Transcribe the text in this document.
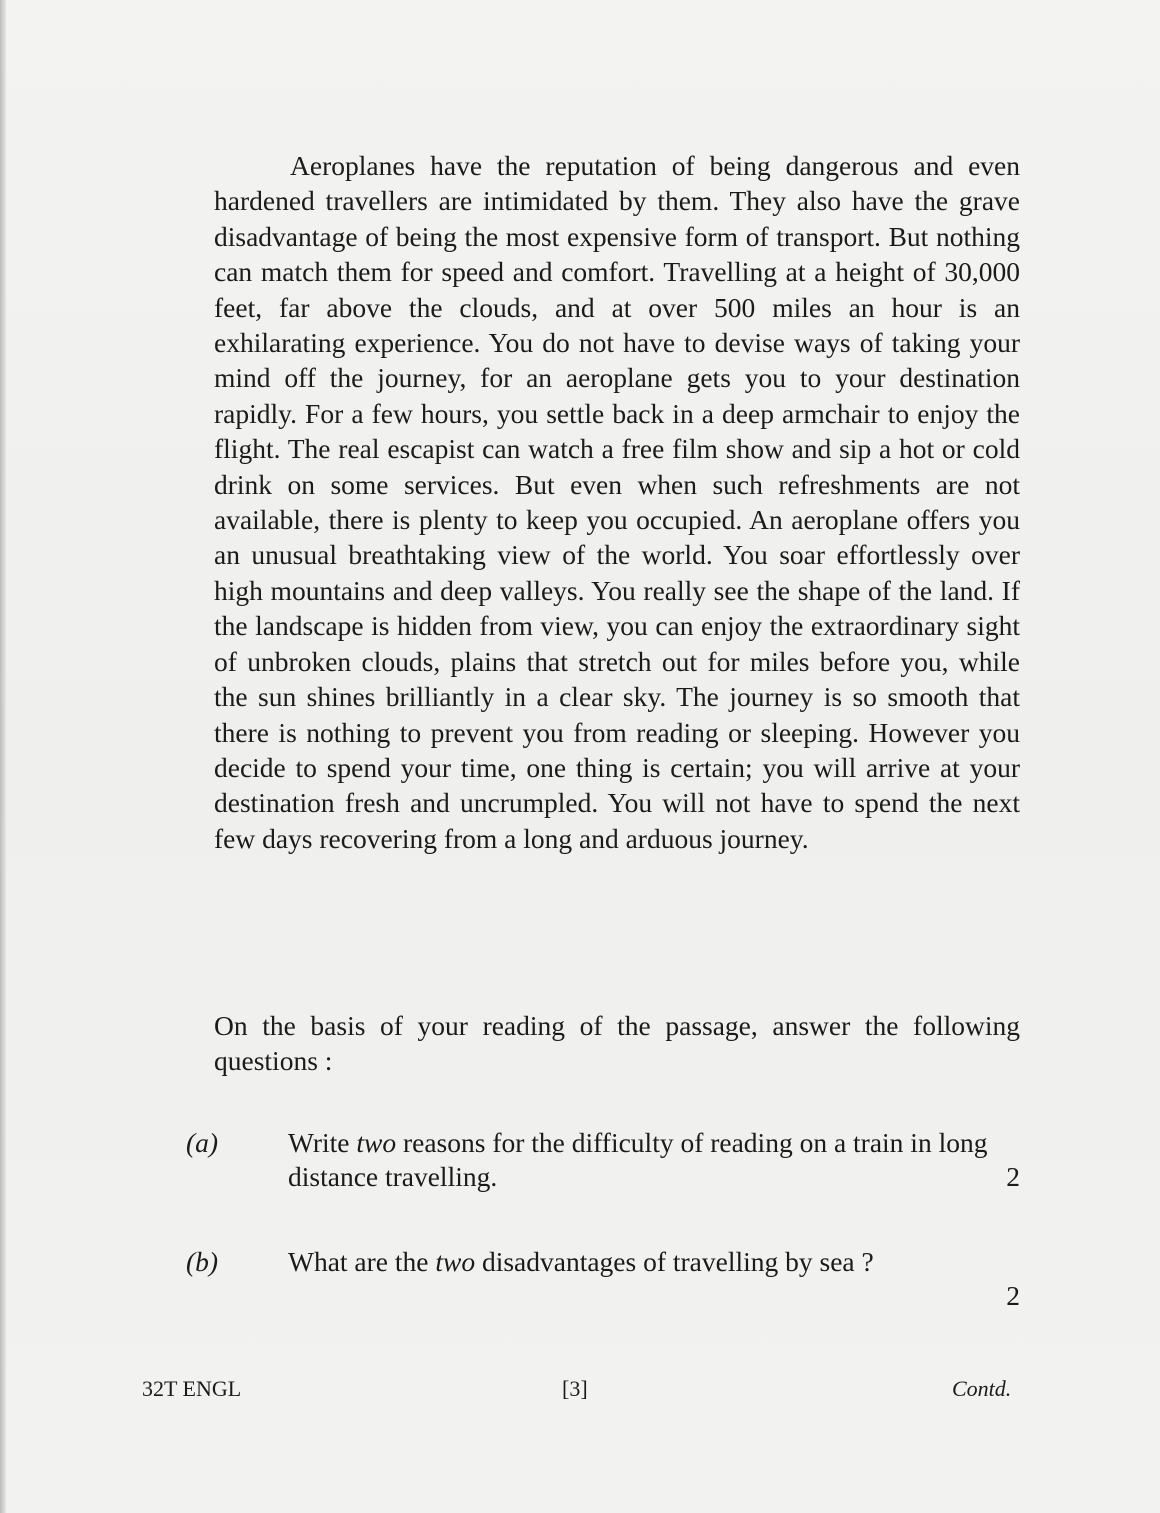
Aeroplanes have the reputation of being dangerous and even hardened travellers are intimidated by them. They also have the grave disadvantage of being the most expensive form of transport. But nothing can match them for speed and comfort. Travelling at a height of 30,000 feet, far above the clouds, and at over 500 miles an hour is an exhilarating experience. You do not have to devise ways of taking your mind off the journey, for an aeroplane gets you to your destination rapidly. For a few hours, you settle back in a deep armchair to enjoy the flight. The real escapist can watch a free film show and sip a hot or cold drink on some services. But even when such refreshments are not available, there is plenty to keep you occupied. An aeroplane offers you an unusual breathtaking view of the world. You soar effortlessly over high mountains and deep valleys. You really see the shape of the land. If the landscape is hidden from view, you can enjoy the extraordinary sight of unbroken clouds, plains that stretch out for miles before you, while the sun shines brilliantly in a clear sky. The journey is so smooth that there is nothing to prevent you from reading or sleeping. However you decide to spend your time, one thing is certain; you will arrive at your destination fresh and uncrumpled. You will not have to spend the next few days recovering from a long and arduous journey.

On the basis of your reading of the passage, answer the following questions :

(a)	Write two reasons for the difficulty of reading on a train in long distance travelling.	2
(b)	What are the two disadvantages of travelling by sea ?
2
32T ENGL	[3]	Contd.
